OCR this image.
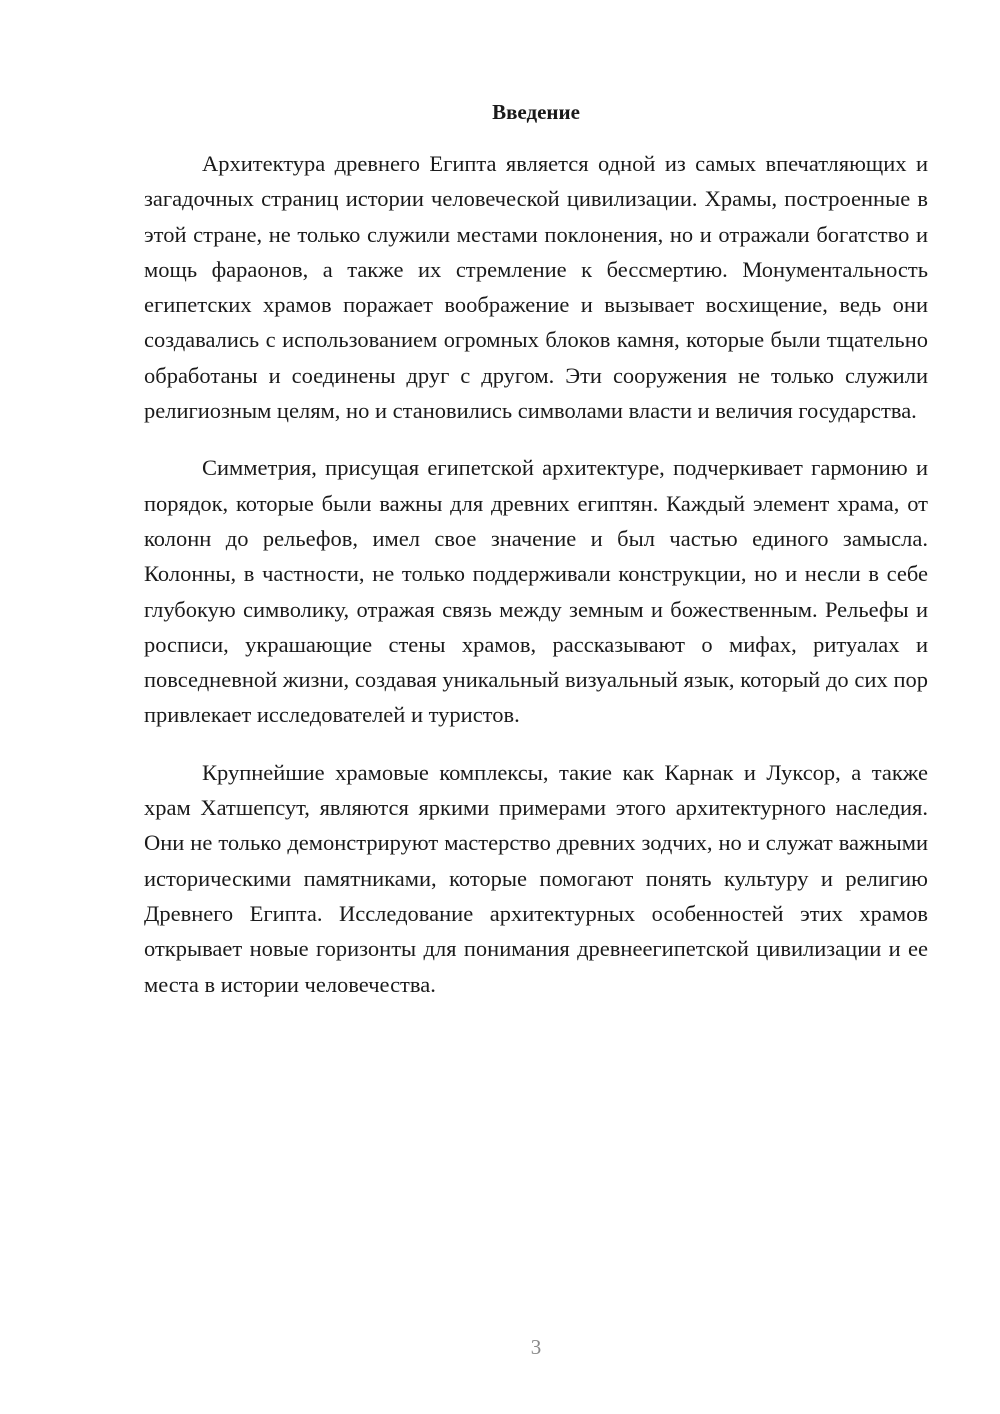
Введение

Архитектура древнего Египта является одной из самых впечатляющих и загадочных страниц истории человеческой цивилизации. Храмы, построенные в этой стране, не только служили местами поклонения, но и отражали богатство и мощь фараонов, а также их стремление к бессмертию. Монументальность египетских храмов поражает воображение и вызывает восхищение, ведь они создавались с использованием огромных блоков камня, которые были тщательно обработаны и соединены друг с другом. Эти сооружения не только служили религиозным целям, но и становились символами власти и величия государства.

Симметрия, присущая египетской архитектуре, подчеркивает гармонию и порядок, которые были важны для древних египтян. Каждый элемент храма, от колонн до рельефов, имел свое значение и был частью единого замысла. Колонны, в частности, не только поддерживали конструкции, но и несли в себе глубокую символику, отражая связь между земным и божественным. Рельефы и росписи, украшающие стены храмов, рассказывают о мифах, ритуалах и повседневной жизни, создавая уникальный визуальный язык, который до сих пор привлекает исследователей и туристов.

Крупнейшие храмовые комплексы, такие как Карнак и Луксор, а также храм Хатшепсут, являются яркими примерами этого архитектурного наследия. Они не только демонстрируют мастерство древних зодчих, но и служат важными историческими памятниками, которые помогают понять культуру и религию Древнего Египта. Исследование архитектурных особенностей этих храмов открывает новые горизонты для понимания древнеегипетской цивилизации и ее места в истории человечества.

3
